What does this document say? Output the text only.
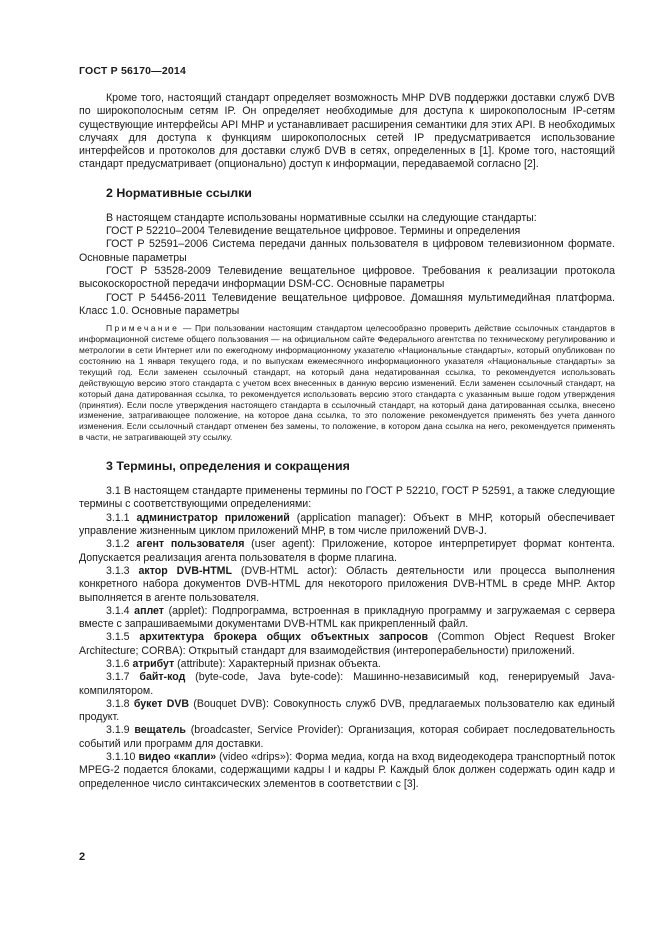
ГОСТ Р 56170—2014

Кроме того, настоящий стандарт определяет возможность МНР DVB поддержки доставки служб DVB по широкополосным сетям IP. Он определяет необходимые для доступа к широкополосным IP-сетям существующие интерфейсы API МНР и устанавливает расширения семантики для этих API. В необходимых случаях для доступа к функциям широкополосных сетей IP предусматривается использование интерфейсов и протоколов для доставки служб DVB в сетях, определенных в [1]. Кроме того, настоящий стандарт предусматривает (опционально) доступ к информации, передаваемой согласно [2].

2 Нормативные ссылки

В настоящем стандарте использованы нормативные ссылки на следующие стандарты:

ГОСТ Р 52210–2004 Телевидение вещательное цифровое. Термины и определения

ГОСТ Р 52591–2006 Система передачи данных пользователя в цифровом телевизионном формате. Основные параметры

ГОСТ Р 53528-2009 Телевидение вещательное цифровое. Требования к реализации протокола высокоскоростной передачи информации DSM-CC. Основные параметры

ГОСТ Р 54456-2011 Телевидение вещательное цифровое. Домашняя мультимедийная платформа. Класс 1.0. Основные параметры

Примечание — При пользовании настоящим стандартом целесообразно проверить действие ссылочных стандартов в информационной системе общего пользования — на официальном сайте Федерального агентства по техническому регулированию и метрологии в сети Интернет или по ежегодному информационному указателю «Национальные стандарты», который опубликован по состоянию на 1 января текущего года, и по выпускам ежемесячного информационного указателя «Национальные стандарты» за текущий год. Если заменен ссылочный стандарт, на который дана недатированная ссылка, то рекомендуется использовать действующую версию этого стандарта с учетом всех внесенных в данную версию изменений. Если заменен ссылочный стандарт, на который дана датированная ссылка, то рекомендуется использовать версию этого стандарта с указанным выше годом утверждения (принятия). Если после утверждения настоящего стандарта в ссылочный стандарт, на который дана датированная ссылка, внесено изменение, затрагивающее положение, на которое дана ссылка, то это положение рекомендуется применять без учета данного изменения. Если ссылочный стандарт отменен без замены, то положение, в котором дана ссылка на него, рекомендуется применять в части, не затрагивающей эту ссылку.

3 Термины, определения и сокращения

3.1 В настоящем стандарте применены термины по ГОСТ Р 52210, ГОСТ Р 52591, а также следующие термины с соответствующими определениями:

3.1.1 администратор приложений (application manager): Объект в МНР, который обеспечивает управление жизненным циклом приложений МНР, в том числе приложений DVB-J.

3.1.2 агент пользователя (user agent): Приложение, которое интерпретирует формат контента. Допускается реализация агента пользователя в форме плагина.

3.1.3 актор DVB-HTML (DVB-HTML actor): Область деятельности или процесса выполнения конкретного набора документов DVB-HTML для некоторого приложения DVB-HTML в среде МНР. Актор выполняется в агенте пользователя.

3.1.4 аплет (applet): Подпрограмма, встроенная в прикладную программу и загружаемая с сервера вместе с запрашиваемыми документами DVB-HTML как прикрепленный файл.

3.1.5 архитектура брокера общих объектных запросов (Common Object Request Broker Architecture; CORBA): Открытый стандарт для взаимодействия (интероперабельности) приложений.

3.1.6 атрибут (attribute): Характерный признак объекта.

3.1.7 байт-код (byte-code, Java byte-code): Машинно-независимый код, генерируемый Java-компилятором.

3.1.8 букет DVB (Bouquet DVB): Совокупность служб DVB, предлагаемых пользователю как единый продукт.

3.1.9 вещатель (broadcaster, Service Provider): Организация, которая собирает последовательность событий или программ для доставки.

3.1.10 видео «капли» (video «drips»): Форма медиа, когда на вход видеодекодера транспортный поток MPEG-2 подается блоками, содержащими кадры I и кадры Р. Каждый блок должен содержать один кадр и определенное число синтаксических элементов в соответствии с [3].

2
